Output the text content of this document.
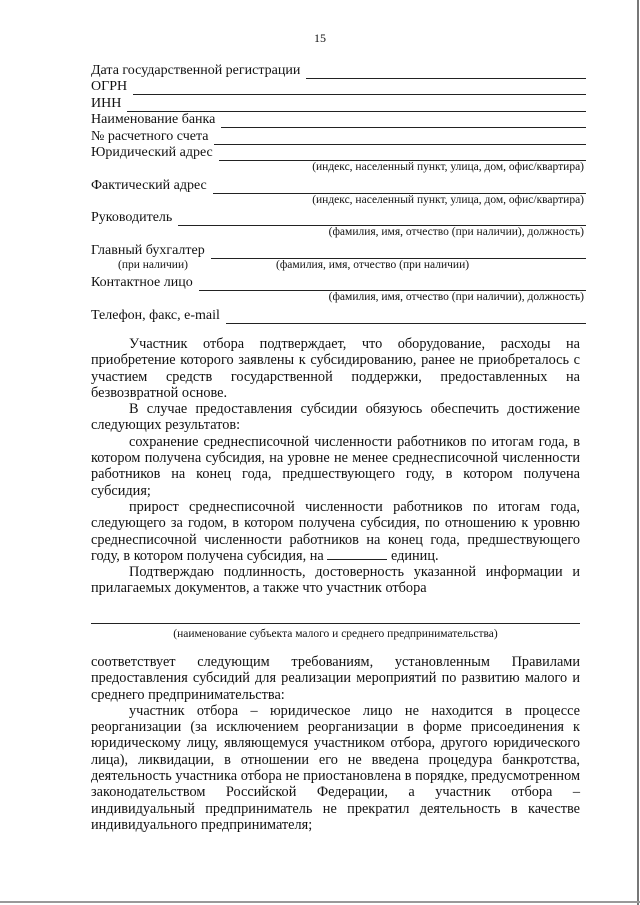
15
Дата государственной регистрации
ОГРН
ИНН
Наименование банка
№ расчетного счета
Юридический адрес
(индекс, населенный пункт, улица, дом, офис/квартира)
Фактический адрес
(индекс, населенный пункт, улица, дом, офис/квартира)
Руководитель
(фамилия, имя, отчество (при наличии), должность)
Главный бухгалтер
(при наличии)	(фамилия, имя, отчество (при наличии)
Контактное лицо
(фамилия, имя, отчество (при наличии), должность)
Телефон, факс, e-mail

Участник отбора подтверждает, что оборудование, расходы на приобретение которого заявлены к субсидированию, ранее не приобреталось с участием средств государственной поддержки, предоставленных на безвозвратной основе.

В случае предоставления субсидии обязуюсь обеспечить достижение следующих результатов:

сохранение среднесписочной численности работников по итогам года, в котором получена субсидия, на уровне не менее среднесписочной численности работников на конец года, предшествующего году, в котором получена субсидия;

прирост среднесписочной численности работников по итогам года, следующего за годом, в котором получена субсидия, по отношению к уровню среднесписочной численности работников на конец года, предшествующего году, в котором получена субсидия, на	единиц.

Подтверждаю подлинность, достоверность указанной информации и прилагаемых документов, а также что участник отбора

(наименование субъекта малого и среднего предпринимательства)

соответствует следующим требованиям, установленным Правилами предоставления субсидий для реализации мероприятий по развитию малого и среднего предпринимательства:

участник отбора – юридическое лицо не находится в процессе реорганизации (за исключением реорганизации в форме присоединения к юридическому лицу, являющемуся участником отбора, другого юридического лица), ликвидации, в отношении его не введена процедура банкротства, деятельность участника отбора не приостановлена в порядке, предусмотренном законодательством Российской Федерации, а участник отбора – индивидуальный предприниматель не прекратил деятельность в качестве индивидуального предпринимателя;
